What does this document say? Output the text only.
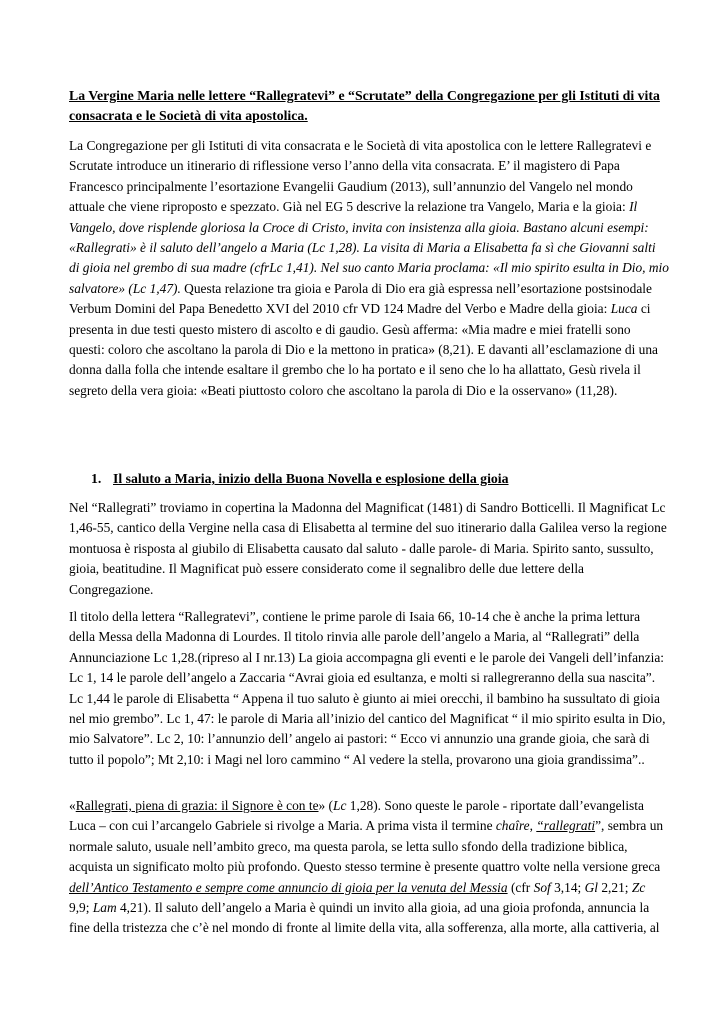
La Vergine Maria nelle lettere “Rallegratevi” e “Scrutate” della Congregazione per gli Istituti di vita consacrata e le Società di vita apostolica.

La Congregazione per gli Istituti di vita consacrata e le Società di vita apostolica con le lettere Rallegratevi e Scrutate introduce un itinerario di riflessione verso l’anno della vita consacrata. E’ il magistero di Papa Francesco principalmente l’esortazione Evangelii Gaudium (2013), sull’annunzio del Vangelo nel mondo attuale che viene riproposto e spezzato. Già nel EG 5 descrive la relazione tra Vangelo, Maria e la gioia: Il Vangelo, dove risplende gloriosa la Croce di Cristo, invita con insistenza alla gioia. Bastano alcuni esempi: «Rallegrati» è il saluto dell’angelo a Maria (Lc 1,28). La visita di Maria a Elisabetta fa sì che Giovanni salti di gioia nel grembo di sua madre (cfrLc 1,41). Nel suo canto Maria proclama: «Il mio spirito esulta in Dio, mio salvatore» (Lc 1,47). Questa relazione tra gioia e Parola di Dio era già espressa nell’esortazione postsinodale Verbum Domini del Papa Benedetto XVI del 2010 cfr VD 124 Madre del Verbo e Madre della gioia: Luca ci presenta in due testi questo mistero di ascolto e di gaudio. Gesù afferma: «Mia madre e miei fratelli sono questi: coloro che ascoltano la parola di Dio e la mettono in pratica» (8,21). E davanti all’esclamazione di una donna dalla folla che intende esaltare il grembo che lo ha portato e il seno che lo ha allattato, Gesù rivela il segreto della vera gioia: «Beati piuttosto coloro che ascoltano la parola di Dio e la osservano» (11,28).

1. Il saluto a Maria, inizio della Buona Novella e esplosione della gioia

Nel “Rallegrati” troviamo in copertina la Madonna del Magnificat (1481) di Sandro Botticelli. Il Magnificat Lc 1,46-55, cantico della Vergine nella casa di Elisabetta al termine del suo itinerario dalla Galilea verso la regione montuosa è risposta al giubilo di Elisabetta causato dal saluto - dalle parole- di Maria. Spirito santo, sussulto, gioia, beatitudine. Il Magnificat può essere considerato come il segnalibro delle due lettere della Congregazione.

Il titolo della lettera “Rallegratevi”, contiene le prime parole di Isaia 66, 10-14 che è anche la prima lettura della Messa della Madonna di Lourdes. Il titolo rinvia alle parole dell’angelo a Maria, al “Rallegrati” della Annunciazione Lc 1,28.(ripreso al I nr.13) La gioia accompagna gli eventi e le parole dei Vangeli dell’infanzia: Lc 1, 14 le parole dell’angelo a Zaccaria “Avrai gioia ed esultanza, e molti si rallegreranno della sua nascita”. Lc 1,44 le parole di Elisabetta “ Appena il tuo saluto è giunto ai miei orecchi, il bambino ha sussultato di gioia nel mio grembo”. Lc 1, 47: le parole di Maria all’inizio del cantico del Magnificat “ il mio spirito esulta in Dio, mio Salvatore”. Lc 2, 10: l’annunzio dell’ angelo ai pastori: “ Ecco vi annunzio una grande gioia, che sarà di tutto il popolo”; Mt 2,10: i Magi nel loro cammino “ Al vedere la stella, provarono una gioia grandissima”..

«Rallegrati, piena di grazia: il Signore è con te» (Lc 1,28). Sono queste le parole - riportate dall’evangelista Luca – con cui l’arcangelo Gabriele si rivolge a Maria. A prima vista il termine chaîre, “rallegrati”, sembra un normale saluto, usuale nell’ambito greco, ma questa parola, se letta sullo sfondo della tradizione biblica, acquista un significato molto più profondo. Questo stesso termine è presente quattro volte nella versione greca dell’Antico Testamento e sempre come annuncio di gioia per la venuta del Messia (cfr Sof 3,14; Gl 2,21; Zc 9,9; Lam 4,21). Il saluto dell’angelo a Maria è quindi un invito alla gioia, ad una gioia profonda, annuncia la fine della tristezza che c’è nel mondo di fronte al limite della vita, alla sofferenza, alla morte, alla cattiveria, al
